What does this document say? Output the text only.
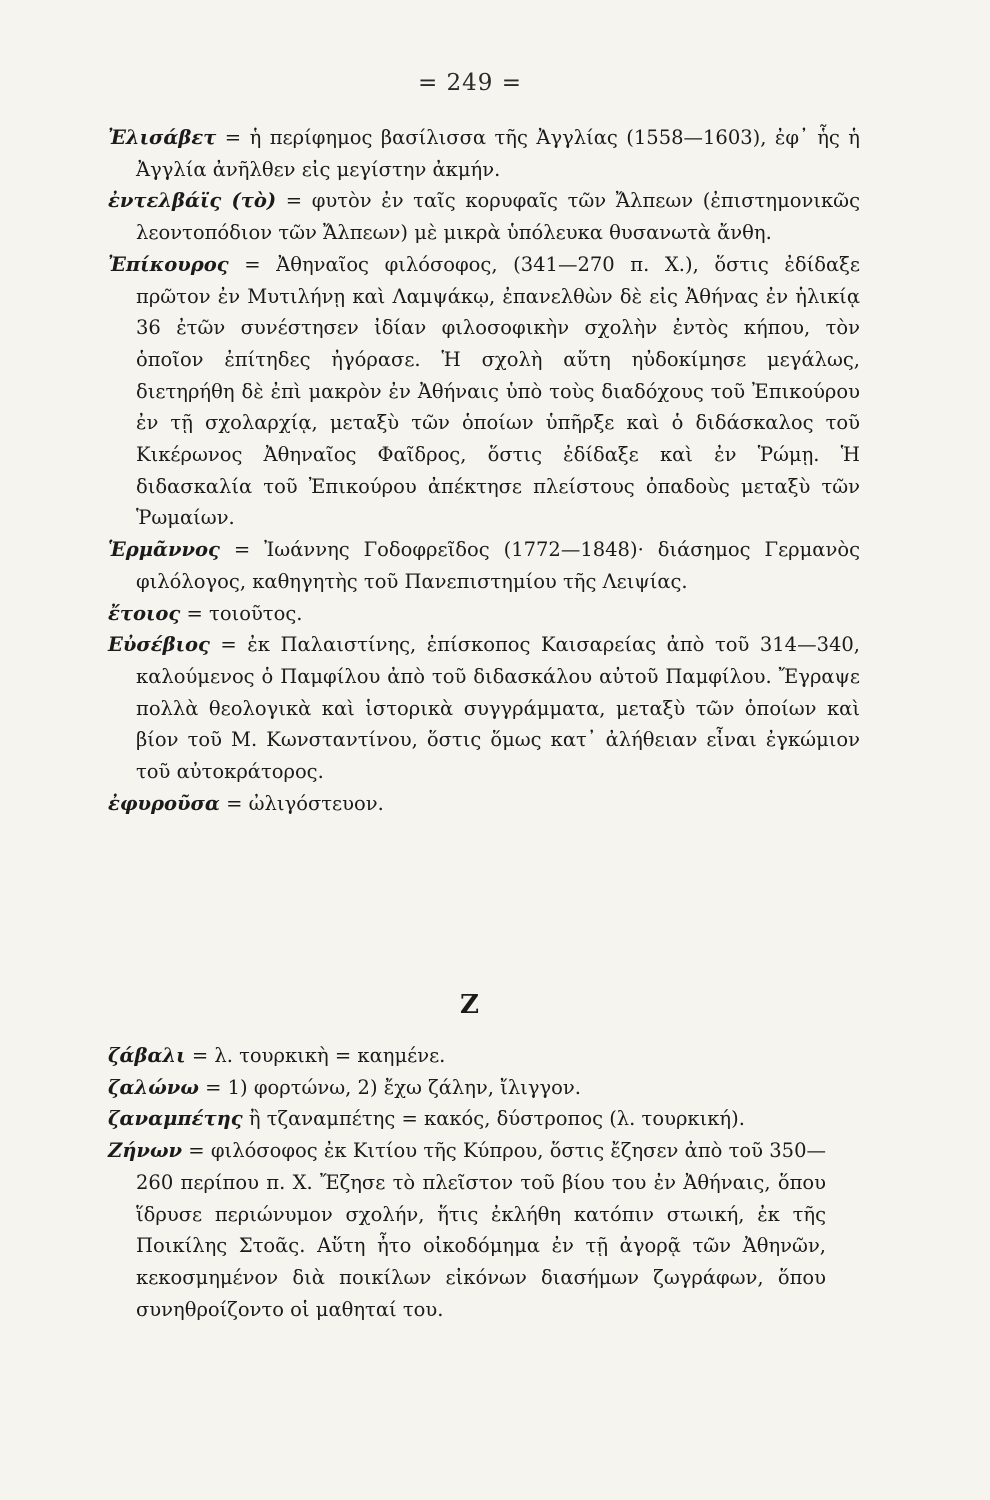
= 249 =

Ἐλισάβετ = ἡ περίφημος βασίλισσα τῆς Ἀγγλίας (1558—1603), ἐφ᾽ ἧς ἡ Ἀγγλία ἀνῆλθεν εἰς μεγίστην ἀκμήν.

ἐντελβάϊς (τὸ) = φυτὸν ἐν ταῖς κορυφαῖς τῶν Ἄλπεων (ἐπιστημονικῶς λεοντοπόδιον τῶν Ἄλπεων) μὲ μικρὰ ὑπόλευκα θυσανωτὰ ἄνθη.

Ἐπίκουρος = Ἀθηναῖος φιλόσοφος, (341—270 π. Χ.), ὅστις ἐδίδαξε πρῶτον ἐν Μυτιλήνῃ καὶ Λαμψάκῳ, ἐπανελθὼν δὲ εἰς Ἀθήνας ἐν ἡλικίᾳ 36 ἐτῶν συνέστησεν ἰδίαν φιλοσοφικὴν σχολὴν ἐντὸς κήπου, τὸν ὁποῖον ἐπίτηδες ἠγόρασε. Ἡ σχολὴ αὕτη ηὐδοκίμησε μεγάλως, διετηρήθη δὲ ἐπὶ μακρὸν ἐν Ἀθήναις ὑπὸ τοὺς διαδόχους τοῦ Ἐπικούρου ἐν τῇ σχολαρχίᾳ, μεταξὺ τῶν ὁποίων ὑπῆρξε καὶ ὁ διδάσκαλος τοῦ Κικέρωνος Ἀθηναῖος Φαῖδρος, ὅστις ἐδίδαξε καὶ ἐν Ῥώμῃ. Ἡ διδασκαλία τοῦ Ἐπικούρου ἀπέκτησε πλείστους ὀπαδοὺς μεταξὺ τῶν Ῥωμαίων.

Ἑρμᾶννος = Ἰωάννης Γοδοφρεῖδος (1772—1848)· διάσημος Γερμανὸς φιλόλογος, καθηγητὴς τοῦ Πανεπιστημίου τῆς Λειψίας.

ἔτοιος = τοιοῦτος.

Εὐσέβιος = ἐκ Παλαιστίνης, ἐπίσκοπος Καισαρείας ἀπὸ τοῦ 314—340, καλούμενος ὁ Παμφίλου ἀπὸ τοῦ διδασκάλου αὐτοῦ Παμφίλου. Ἔγραψε πολλὰ θεολογικὰ καὶ ἱστορικὰ συγγράμματα, μεταξὺ τῶν ὁποίων καὶ βίον τοῦ Μ. Κωνσταντίνου, ὅστις ὅμως κατ᾽ ἀλήθειαν εἶναι ἐγκώμιον τοῦ αὐτοκράτορος.

ἐφυροῦσα = ὠλιγόστευον.

Z

ζάβαλι = λ. τουρκικὴ = καημένε.

ζαλώνω = 1) φορτώνω, 2) ἔχω ζάλην, ἴλιγγον.

ζαναμπέτης ἢ τζαναμπέτης = κακός, δύστροπος (λ. τουρκική).

Ζήνων = φιλόσοφος ἐκ Κιτίου τῆς Κύπρου, ὅστις ἔζησεν ἀπὸ τοῦ 350—260 περίπου π. Χ. Ἔζησε τὸ πλεῖστον τοῦ βίου του ἐν Ἀθήναις, ὅπου ἵδρυσε περιώνυμον σχολήν, ἥτις ἐκλήθη κατόπιν στωική, ἐκ τῆς Ποικίλης Στοᾶς. Αὕτη ἦτο οἰκοδόμημα ἐν τῇ ἀγορᾷ τῶν Ἀθηνῶν, κεκοσμημένον διὰ ποικίλων εἰκόνων διασήμων ζωγράφων, ὅπου συνηθροίζοντο οἱ μαθηταί του.
